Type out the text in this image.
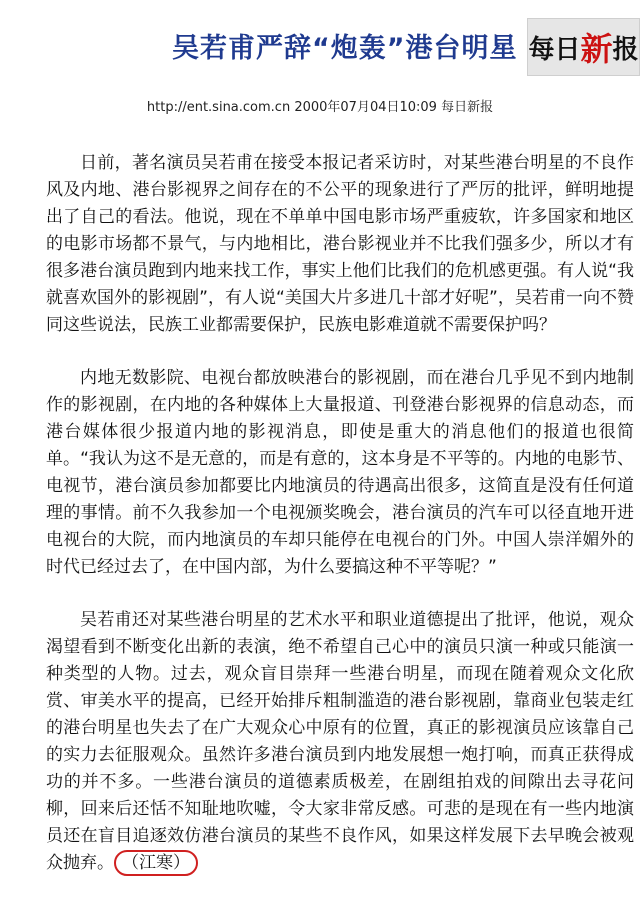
吴若甫严辞“炮轰”港台明星 每日 新 报
http://ent.sina.com.cn 2000年07月04日10:09 每日新报

日前，著名演员吴若甫在接受本报记者采访时，对某些港台明星的不良作风及内地、港台影视界之间存在的不公平的现象进行了严厉的批评，鲜明地提出了自己的看法。他说，现在不单单中国电影市场严重疲软，许多国家和地区的电影市场都不景气，与内地相比，港台影视业并不比我们强多少，所以才有很多港台演员跑到内地来找工作，事实上他们比我们的危机感更强。有人说“我就喜欢国外的影视剧”，有人说“美国大片多进几十部才好呢”，吴若甫一向不赞同这些说法，民族工业都需要保护，民族电影难道就不需要保护吗？

内地无数影院、电视台都放映港台的影视剧，而在港台几乎见不到内地制作的影视剧，在内地的各种媒体上大量报道、刊登港台影视界的信息动态，而港台媒体很少报道内地的影视消息，即使是重大的消息他们的报道也很简单。“我认为这不是无意的，而是有意的，这本身是不平等的。内地的电影节、电视节，港台演员参加都要比内地演员的待遇高出很多，这简直是没有任何道理的事情。前不久我参加一个电视颁奖晚会，港台演员的汽车可以径直地开进电视台的大院，而内地演员的车却只能停在电视台的门外。中国人崇洋媚外的时代已经过去了，在中国内部，为什么要搞这种不平等呢？”

吴若甫还对某些港台明星的艺术水平和职业道德提出了批评，他说，观众渴望看到不断变化出新的表演，绝不希望自己心中的演员只演一种或只能演一种类型的人物。过去，观众盲目崇拜一些港台明星，而现在随着观众文化欣赏、审美水平的提高，已经开始排斥粗制滥造的港台影视剧，靠商业包装走红的港台明星也失去了在广大观众心中原有的位置，真正的影视演员应该靠自己的实力去征服观众。虽然许多港台演员到内地发展想一炮打响，而真正获得成功的并不多。一些港台演员的道德素质极差，在剧组拍戏的间隙出去寻花问柳，回来后还恬不知耻地吹嘘，令大家非常反感。可悲的是现在有一些内地演员还在盲目追逐效仿港台演员的某些不良作风，如果这样发展下去早晚会被观众抛弃。 （江寒）
